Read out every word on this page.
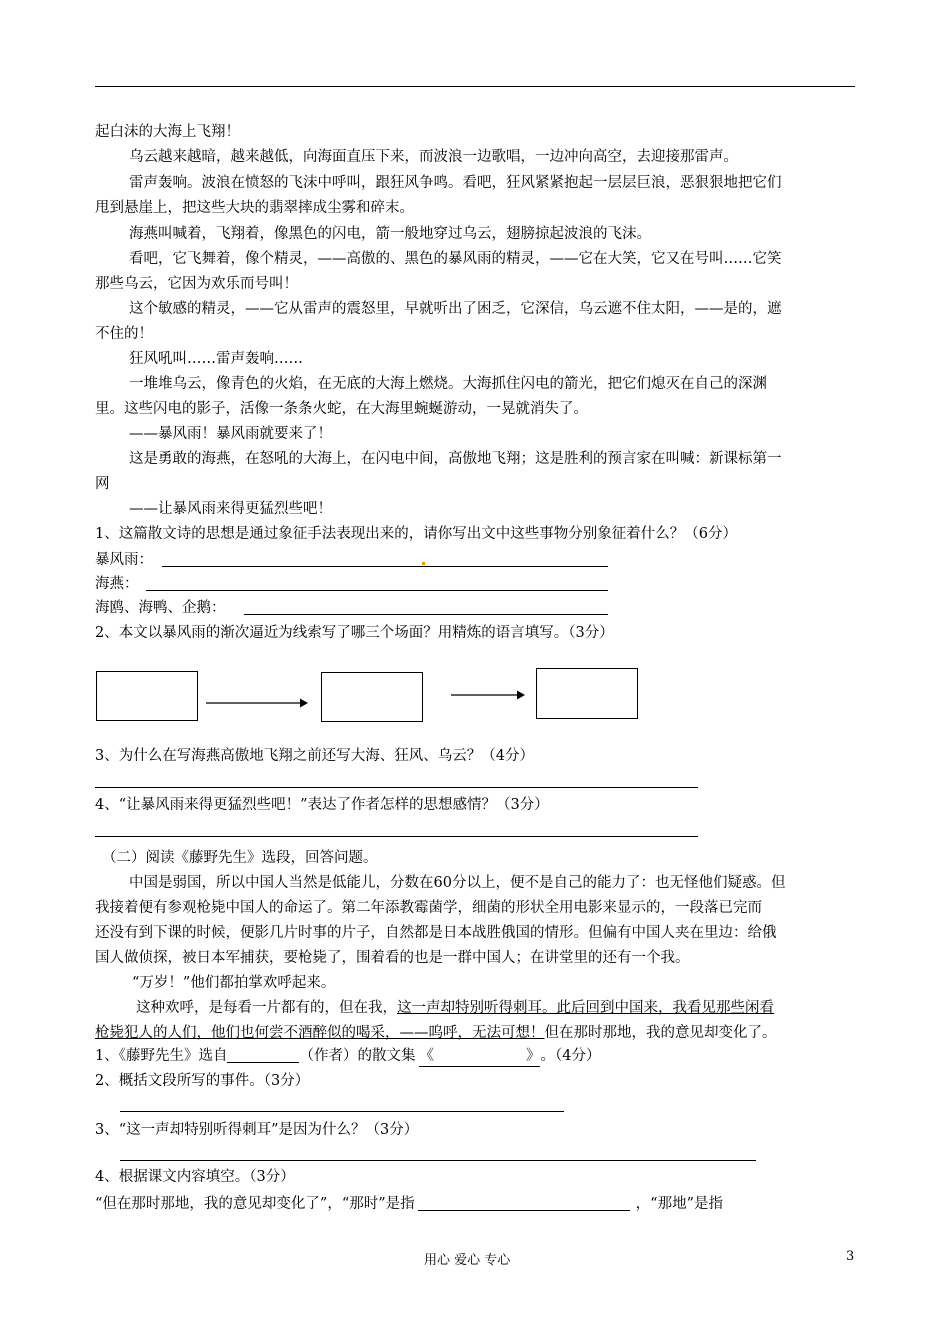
起白沫的大海上飞翔！
乌云越来越暗，越来越低，向海面直压下来，而波浪一边歌唱，一边冲向高空，去迎接那雷声。
雷声轰响。波浪在愤怒的飞沫中呼叫，跟狂风争鸣。看吧，狂风紧紧抱起一层层巨浪，恶狠狠地把它们
甩到悬崖上，把这些大块的翡翠摔成尘雾和碎末。
海燕叫喊着，飞翔着，像黑色的闪电，箭一般地穿过乌云，翅膀掠起波浪的飞沫。
看吧，它飞舞着，像个精灵，——高傲的、黑色的暴风雨的精灵，——它在大笑，它又在号叫……它笑
那些乌云，它因为欢乐而号叫！
这个敏感的精灵，——它从雷声的震怒里，早就听出了困乏，它深信，乌云遮不住太阳，——是的，遮
不住的！
狂风吼叫……雷声轰响……
一堆堆乌云，像青色的火焰，在无底的大海上燃烧。大海抓住闪电的箭光，把它们熄灭在自己的深渊
里。这些闪电的影子，活像一条条火蛇，在大海里蜿蜒游动，一晃就消失了。
——暴风雨！暴风雨就要来了！
这是勇敢的海燕，在怒吼的大海上，在闪电中间，高傲地飞翔；这是胜利的预言家在叫喊：新课标第一
网
——让暴风雨来得更猛烈些吧！
1、这篇散文诗的思想是通过象征手法表现出来的，请你写出文中这些事物分别象征着什么？（6分）
暴风雨：
海燕：
海鸥、海鸭、企鹅：
2、本文以暴风雨的渐次逼近为线索写了哪三个场面？用精炼的语言填写。（3分）
3、为什么在写海燕高傲地飞翔之前还写大海、狂风、乌云？（4分）
4、“让暴风雨来得更猛烈些吧！”表达了作者怎样的思想感情？（3分）
（二）阅读《藤野先生》选段，回答问题。
中国是弱国，所以中国人当然是低能儿，分数在60分以上，便不是自己的能力了：也无怪他们疑惑。但
我接着便有参观枪毙中国人的命运了。第二年添教霉菌学，细菌的形状全用电影来显示的，一段落已完而
还没有到下课的时候，便影几片时事的片子，自然都是日本战胜俄国的情形。但偏有中国人夹在里边：给俄
国人做侦探，被日本军捕获，要枪毙了，围着看的也是一群中国人；在讲堂里的还有一个我。
“万岁！”他们都拍掌欢呼起来。
这种欢呼，是每看一片都有的，但在我，这一声却特别听得刺耳。此后回到中国来，我看见那些闲看
枪毙犯人的人们，他们也何尝不酒醉似的喝采，——呜呼，无法可想！但在那时那地，我的意见却变化了。
1、《藤野先生》选自	（作者）的散文集 《	》。（4分）
2、概括文段所写的事件。（3分）
3、“这一声却特别听得刺耳”是因为什么？（3分）
4、根据课文内容填空。（3分）
“但在那时那地，我的意见却变化了”，“那时”是指	，“那地”是指
用心 爱心 专心	3
